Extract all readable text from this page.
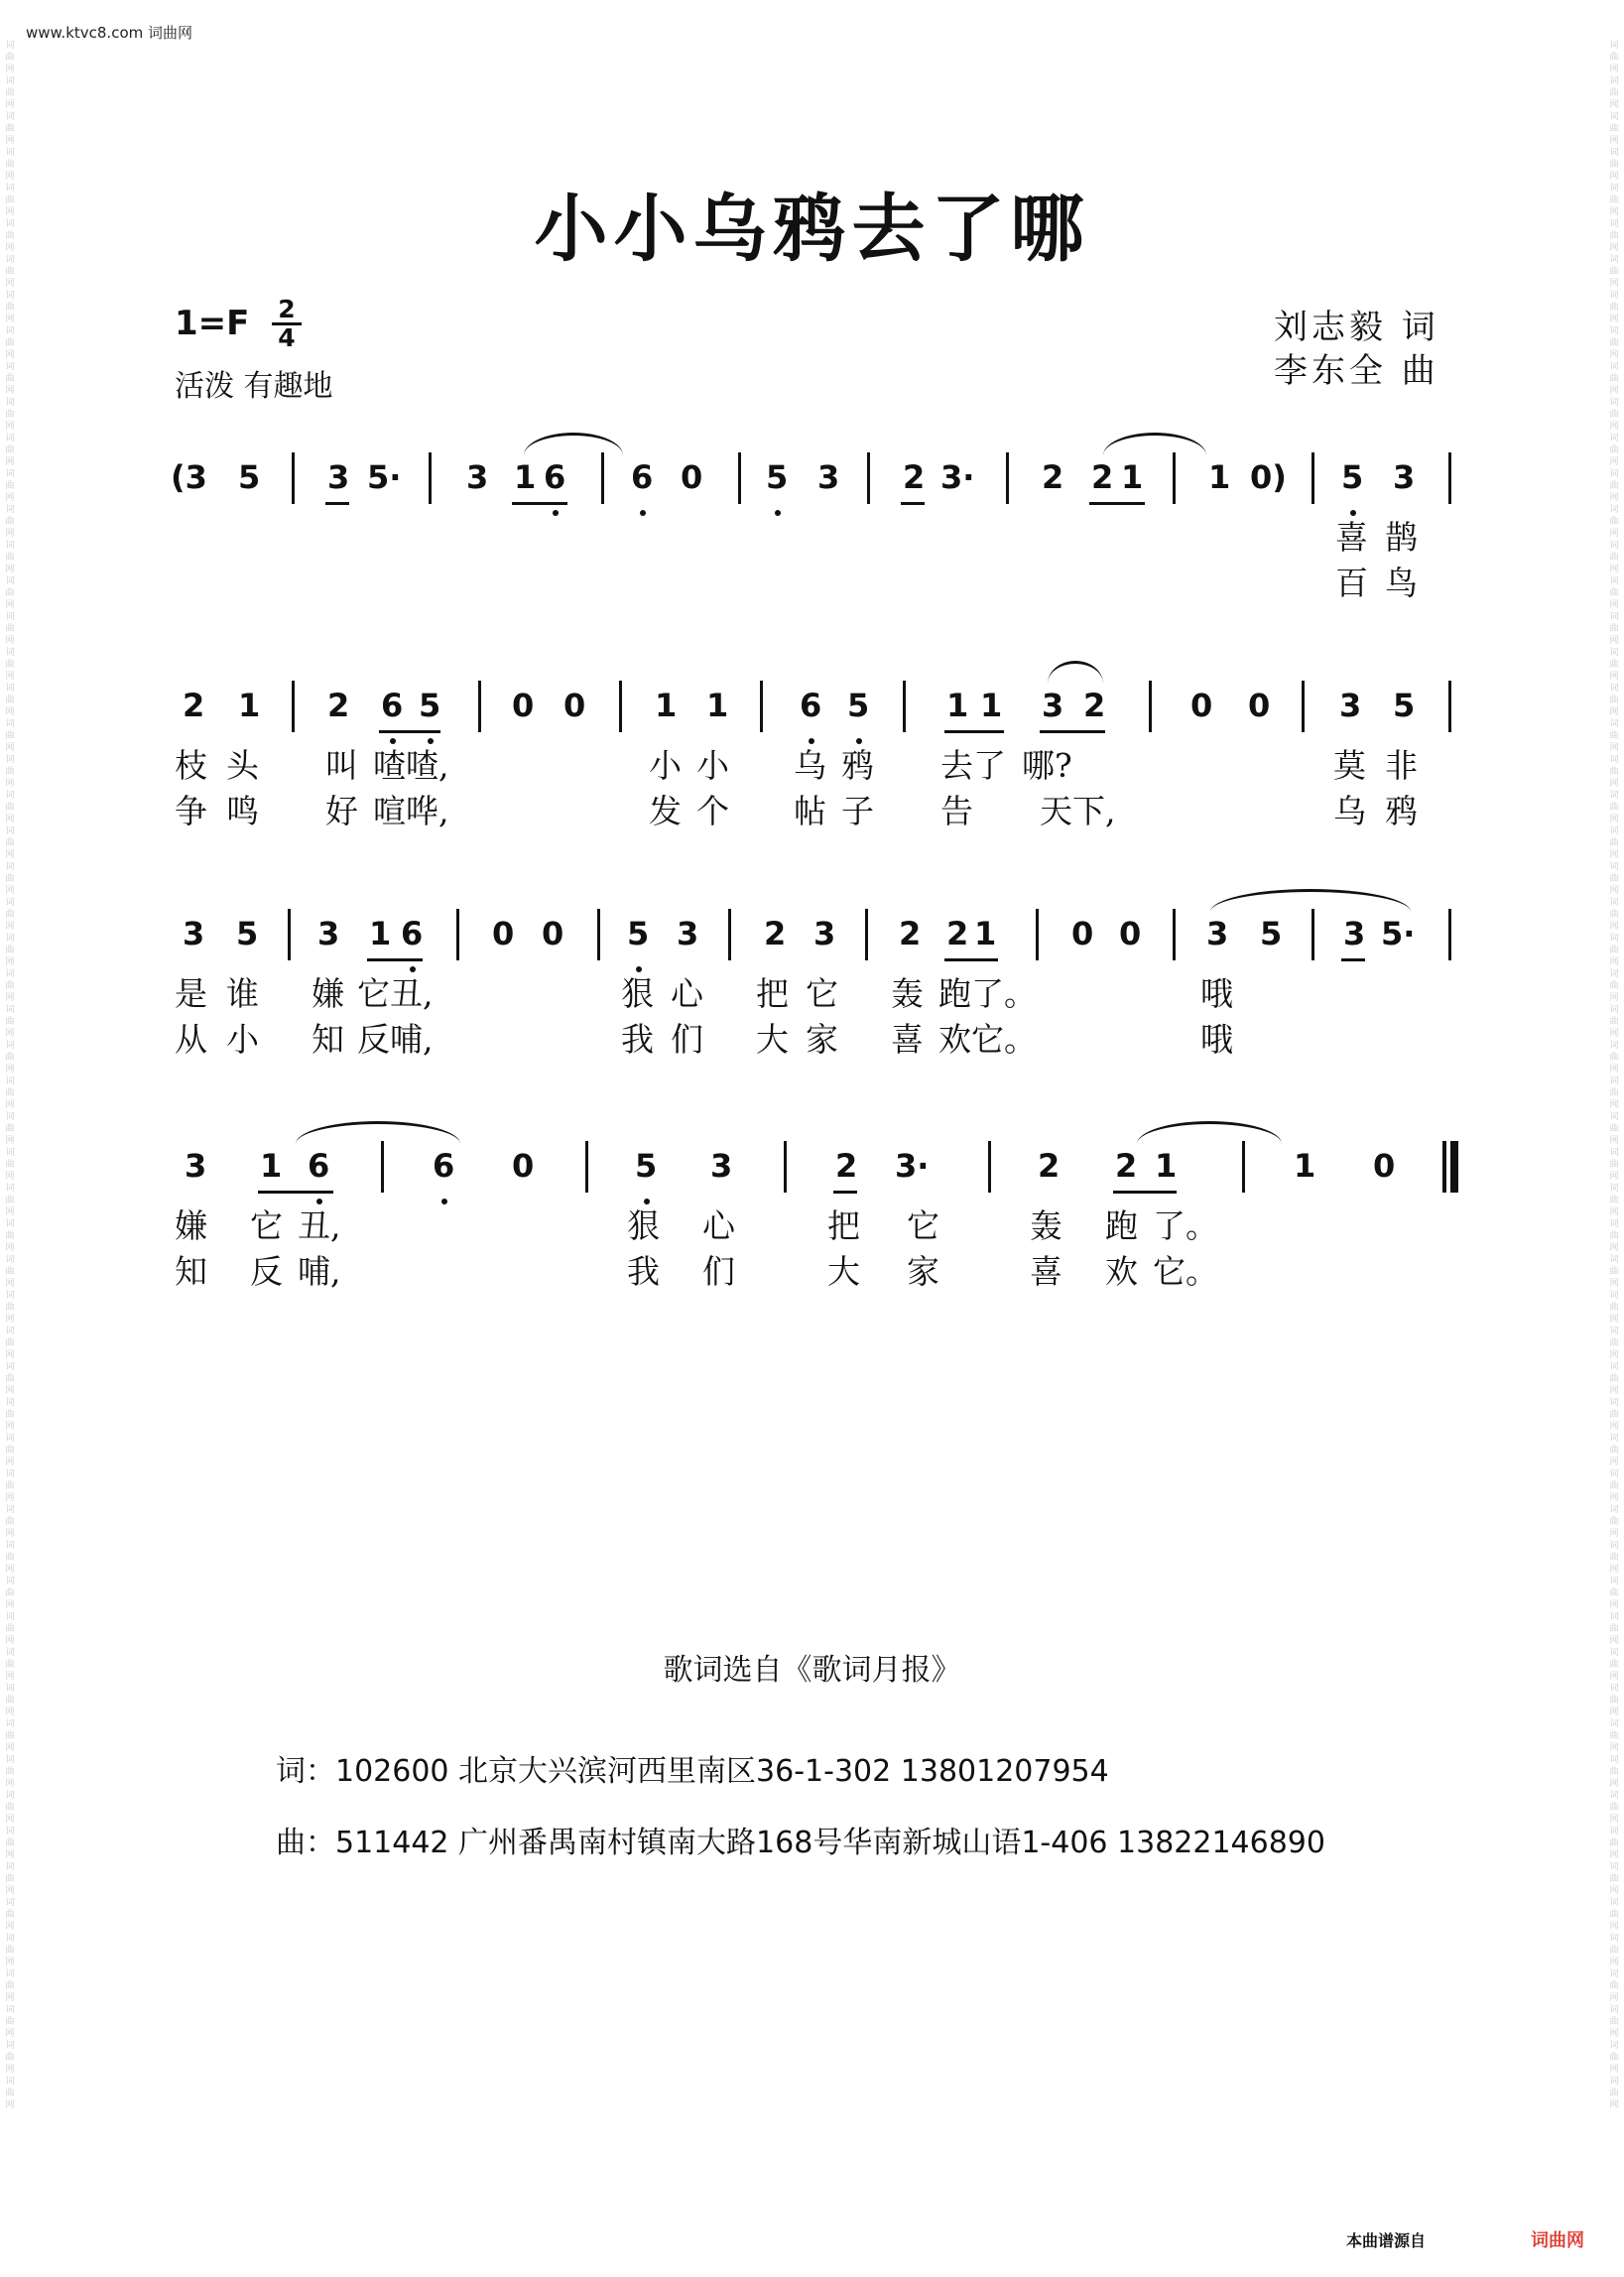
www.ktvc8.com 词曲网
词曲网词曲网词曲网词曲网词曲网词曲网词曲网词曲网词曲网词曲网词曲网词曲网词曲网词曲网词曲网词曲网词曲网词曲网词曲网词曲网词曲网词曲网词曲网词曲网词曲网词曲网词曲网词曲网词曲网词曲网词曲网词曲网词曲网词曲网词曲网词曲网词曲网词曲网词曲网词曲网词曲网词曲网词曲网词曲网词曲网词曲网词曲网词曲网词曲网词曲网词曲网词曲网词曲网词曲网词曲网词曲网词曲网词曲网
词曲网词曲网词曲网词曲网词曲网词曲网词曲网词曲网词曲网词曲网词曲网词曲网词曲网词曲网词曲网词曲网词曲网词曲网词曲网词曲网词曲网词曲网词曲网词曲网词曲网词曲网词曲网词曲网词曲网词曲网词曲网词曲网词曲网词曲网词曲网词曲网词曲网词曲网词曲网词曲网词曲网词曲网词曲网词曲网词曲网词曲网词曲网词曲网词曲网词曲网词曲网词曲网词曲网词曲网词曲网词曲网词曲网词曲网
小小乌鸦去了哪
1=F 2
4
活泼 有趣地
刘志毅 词
李东全 曲
(3 5 3 5· 3 1 6 6 0 5 3 2 3· 2 2 1 1 0) 5 3
喜 鹊
百 鸟
2 1 2 6 5 0 0 1 1 6 5 1 1 3 2	0 0 3 5
枝 头 叫 喳喳,	小 小 乌 鸦 去了 哪?	莫 非
争 鸣 好 喧哗,	发 个 帖 子 告 天下,	乌 鸦
3 5 3 1 6 0 0 5 3 2 3 2 2 1 0 0 3 5 3 5·
是 谁 嫌 它丑,	狠 心 把 它 轰 跑了。	哦
从 小 知 反哺,	我 们 大 家 喜 欢它。	哦
3 1 6	6 0	5 3	2 3·	2 2 1	1 0
嫌 它 丑,	狠 心	把 它	轰 跑 了。
知 反 哺,	我 们	大 家	喜 欢 它。
歌词选自《歌词月报》
词：102600 北京大兴滨河西里南区36-1-302 13801207954
曲：511442 广州番禺南村镇南大路168号华南新城山语1-406 13822146890
本曲谱源自	词曲网
